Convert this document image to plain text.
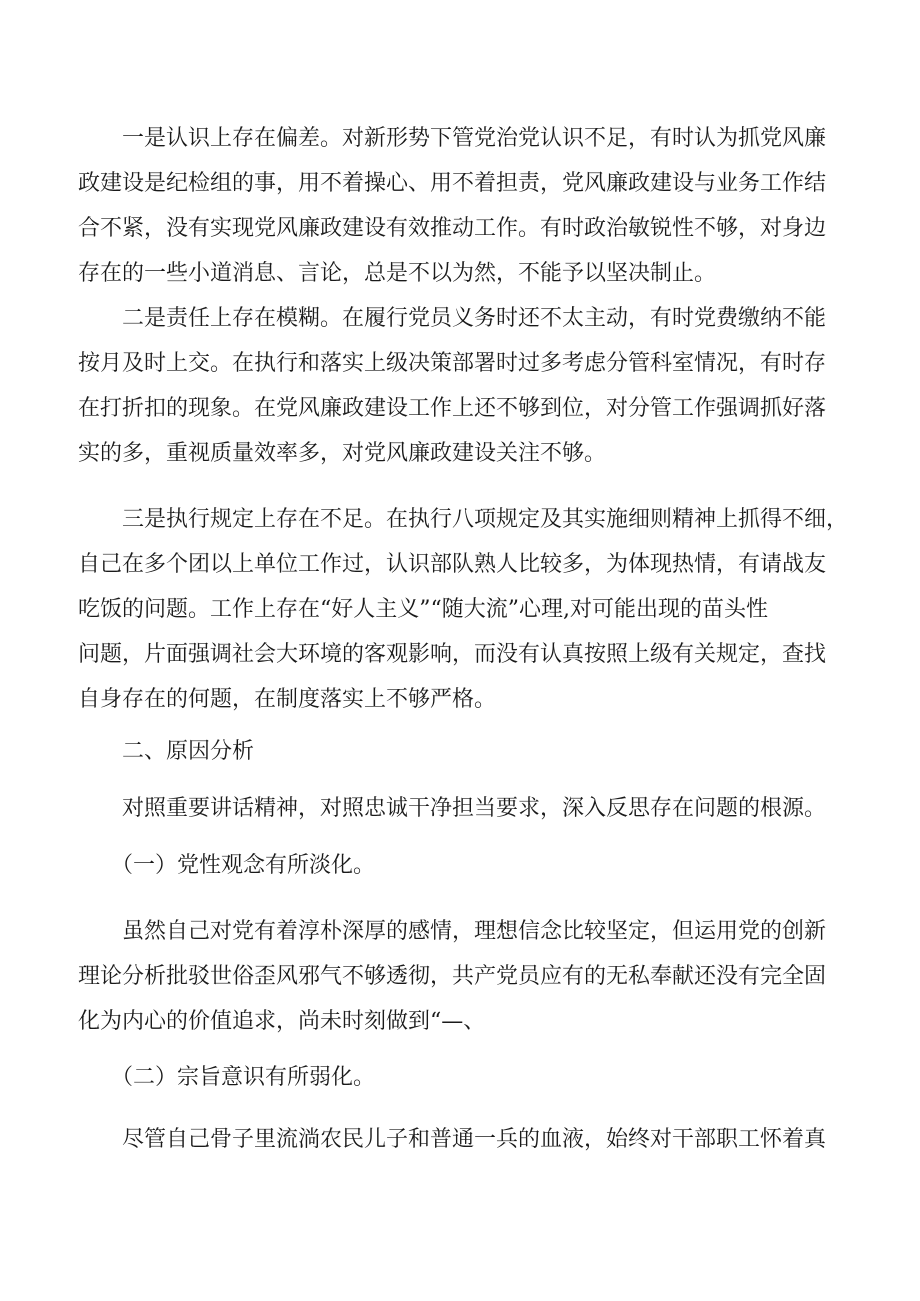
　　一是认识上存在偏差。对新形势下管党治党认识不足，有时认为抓党风廉
政建设是纪检组的事，用不着操心、用不着担责，党风廉政建设与业务工作结
合不紧，没有实现党风廉政建设有效推动工作。有时政治敏锐性不够，对身边
存在的一些小道消息、言论，总是不以为然，不能予以坚决制止。
　　二是责任上存在模糊。在履行党员义务时还不太主动，有时党费缴纳不能
按月及时上交。在执行和落实上级决策部署时过多考虑分管科室情况，有时存
在打折扣的现象。在党风廉政建设工作上还不够到位，对分管工作强调抓好落
实的多，重视质量效率多，对党风廉政建设关注不够。
　　三是执行规定上存在不足。在执行八项规定及其实施细则精神上抓得不细，
自己在多个团以上单位工作过，认识部队熟人比较多，为体现热情，有请战友
吃饭的问题。工作上存在“好人主义”“随大流”心理,对可能出现的苗头性
问题，片面强调社会大环境的客观影响，而没有认真按照上级有关规定，查找
自身存在的何题，在制度落实上不够严格。
　　二、原因分析
　　对照重要讲话精神，对照忠诚干净担当要求，深入反思存在问题的根源。
　　（一）党性观念有所淡化。
　　虽然自己对党有着淳朴深厚的感情，理想信念比较坚定，但运用党的创新
理论分析批驳世俗歪风邪气不够透彻，共产党员应有的无私奉献还没有完全固
化为内心的价值追求，尚未时刻做到“—、
　　（二）宗旨意识有所弱化。
　　尽管自己骨子里流淌农民儿子和普通一兵的血液，始终对干部职工怀着真
